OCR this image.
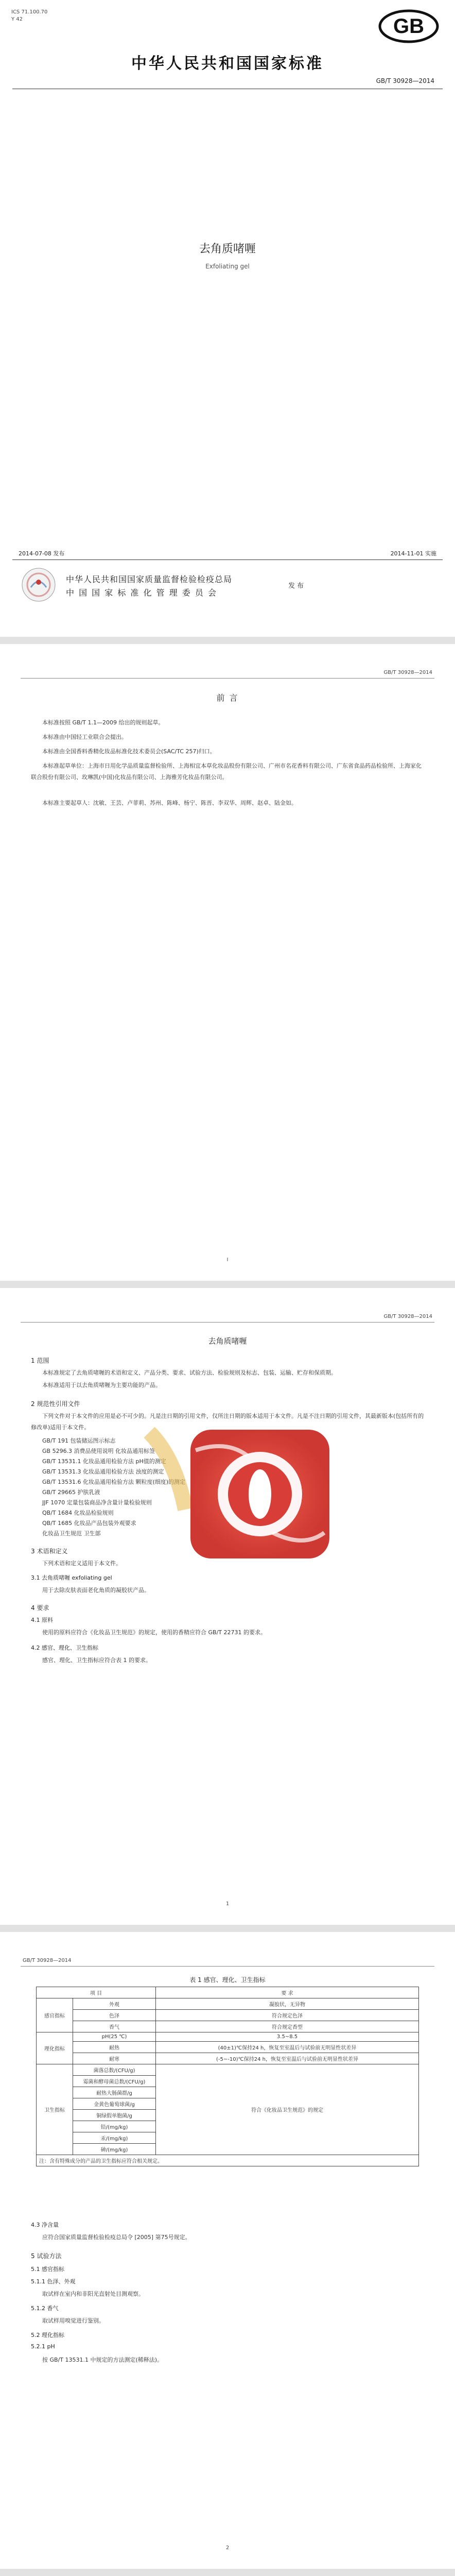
ICS 71.100.70
Y 42	GB
中华人民共和国国家标准
GB/T 30928—2014
去角质啫喱
Exfoliating gel
2014-07-08 发布	2014-11-01 实施
中华人民共和国国家质量监督检验检疫总局
中 国 国 家 标 准 化 管 理 委 员 会
发 布
GB/T 30928—2014
前 言
本标准按照 GB/T 1.1—2009 给出的规则起草。
本标准由中国轻工业联合会提出。
本标准由全国香料香精化妆品标准化技术委员会(SAC/TC 257)归口。
本标准起草单位：上海市日用化学品质量监督检验所、上海相宜本草化妆品股份有限公司、广州市名花香料有限公司、广东省食品药品检验所、上海家化联合股份有限公司、玫琳凯(中国)化妆品有限公司、上海雅芳化妆品有限公司。
本标准主要起草人：沈敏、王芸、卢菲莉、苏州、陈峰、杨宁、陈晋、李双华、周辉、赵卓、陆金如。
I
GB/T 30928—2014
去角质啫喱
1 范围
本标准规定了去角质啫喱的术语和定义、产品分类、要求、试验方法、检验规则及标志、包装、运输、贮存和保质期。
本标准适用于以去角质啫喱为主要功能的产品。
2 规范性引用文件
下列文件对于本文件的应用是必不可少的。凡是注日期的引用文件，仅所注日期的版本适用于本文件。凡是不注日期的引用文件，其最新版本(包括所有的修改单)适用于本文件。
GB/T 191 包装储运图示标志
GB 5296.3 消费品使用说明 化妆品通用标签
GB/T 13531.1 化妆品通用检验方法 pH值的测定
GB/T 13531.3 化妆品通用检验方法 浊度的测定
GB/T 13531.6 化妆品通用检验方法 颗粒度(细度)的测定
GB/T 29665 护肤乳液
JJF 1070 定量包装商品净含量计量检验规则
QB/T 1684 化妆品检验规则
QB/T 1685 化妆品产品包装外观要求
化妆品卫生规范 卫生部
3 术语和定义
下列术语和定义适用于本文件。
3.1 去角质啫喱 exfoliating gel
用于去除皮肤表面老化角质的凝胶状产品。
4 要求
4.1 原料
使用的原料应符合《化妆品卫生规范》的规定，使用的香精应符合 GB/T 22731 的要求。
4.2 感官、理化、卫生指标
感官、理化、卫生指标应符合表 1 的要求。
1
GB/T 30928—2014
表 1 感官、理化、卫生指标
项 目		要 求
感官指标	外观	凝胶状，无异物
	色泽	符合规定色泽
	香气	符合规定香型
理化指标	pH(25 ℃)	3.5~8.5
	耐热	(40±1)℃保持24 h，恢复至室温后与试验前无明显性状差异
	耐寒	(-5~-10)℃保持24 h，恢复至室温后与试验前无明显性状差异
卫生指标	菌落总数/(CFU/g)	符合《化妆品卫生规范》的规定
	霉菌和酵母菌总数/(CFU/g)	
	耐热大肠菌群/g	
	金黄色葡萄球菌/g	
	铜绿假单胞菌/g	
	铅/(mg/kg)	
	汞/(mg/kg)	
	砷/(mg/kg)	
注：含有特殊成分的产品的卫生指标应符合相关规定。		
4.3 净含量
应符合国家质量监督检验检疫总局令 [2005] 第75号规定。
5 试验方法
5.1 感官指标
5.1.1 色泽、外观
取试样在室内和非阳光直射处目测观察。
5.1.2 香气
取试样用嗅觉进行鉴别。
5.2 理化指标
5.2.1 pH
按 GB/T 13531.1 中规定的方法测定(稀释法)。
2
